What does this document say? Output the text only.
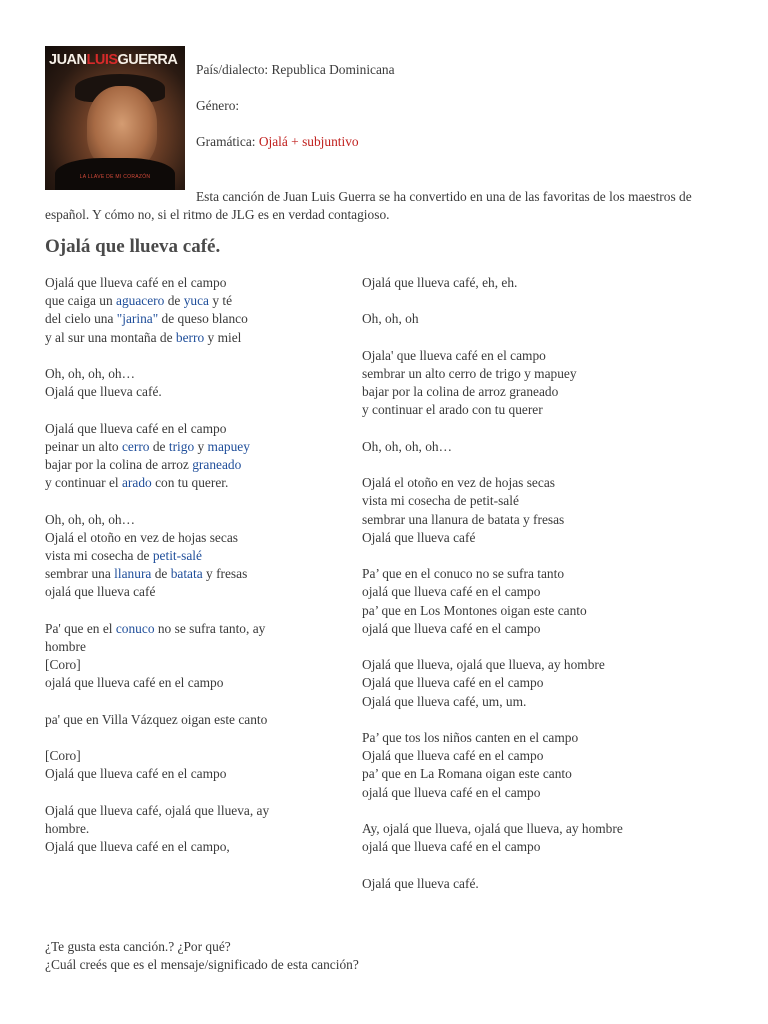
JUANLUISGUERRA
LA LLAVE DE MI CORAZÓN
País/dialecto: Republica Dominicana
Género:
Gramática: Ojalá + subjuntivo
Esta canción de Juan Luis Guerra se ha convertido en una de las favoritas de los maestros de español. Y cómo no, si el ritmo de JLG es en verdad contagioso.
Ojalá que llueva café.
Ojalá que llueva café en el campo
que caiga un aguacero de yuca y té
del cielo una "jarina" de queso blanco
y al sur una montaña de berro y miel
Oh, oh, oh, oh…
Ojalá que llueva café.
Ojalá que llueva café en el campo
peinar un alto cerro de trigo y mapuey
bajar por la colina de arroz graneado
y continuar el arado con tu querer.
Oh, oh, oh, oh…
Ojalá el otoño en vez de hojas secas
vista mi cosecha de petit-salé
sembrar una llanura de batata y fresas
ojalá que llueva café
Pa' que en el conuco no se sufra tanto, ay
hombre
[Coro]
ojalá que llueva café en el campo
pa' que en Villa Vázquez oigan este canto
[Coro]
Ojalá que llueva café en el campo
Ojalá que llueva café, ojalá que llueva, ay
hombre.
Ojalá que llueva café en el campo,
Ojalá que llueva café, eh, eh.
Oh, oh, oh
Ojala' que llueva café en el campo
sembrar un alto cerro de trigo y mapuey
bajar por la colina de arroz graneado
y continuar el arado con tu querer
Oh, oh, oh, oh…
Ojalá el otoño en vez de hojas secas
vista mi cosecha de petit-salé
sembrar una llanura de batata y fresas
Ojalá que llueva café
Pa’ que en el conuco no se sufra tanto
ojalá que llueva café en el campo
pa’ que en Los Montones oigan este canto
ojalá que llueva café en el campo
Ojalá que llueva, ojalá que llueva, ay hombre
Ojalá que llueva café en el campo
Ojalá que llueva café, um, um.
Pa’ que tos los niños canten en el campo
Ojalá que llueva café en el campo
pa’ que en La Romana oigan este canto
ojalá que llueva café en el campo
Ay, ojalá que llueva, ojalá que llueva, ay hombre
ojalá que llueva café en el campo
Ojalá que llueva café.
¿Te gusta esta canción.? ¿Por qué?
¿Cuál creés que es el mensaje/significado de esta canción?
